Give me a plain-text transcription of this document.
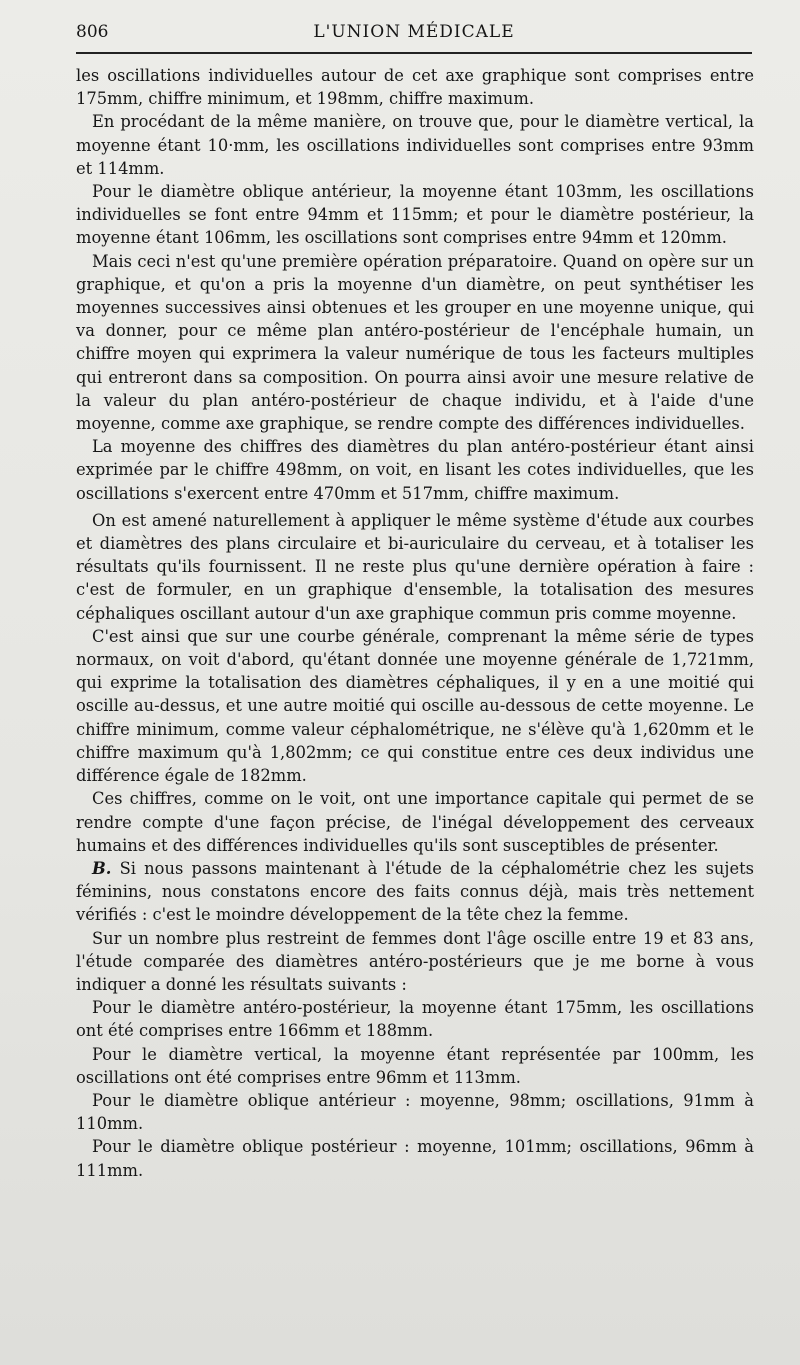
806	L'UNION MÉDICALE

les oscillations individuelles autour de cet axe graphique sont comprises entre 175mm, chiffre minimum, et 198mm, chiffre maximum.

En procédant de la même manière, on trouve que, pour le diamètre vertical, la moyenne étant 10·mm, les oscillations individuelles sont comprises entre 93mm et 114mm.

Pour le diamètre oblique antérieur, la moyenne étant 103mm, les oscillations individuelles se font entre 94mm et 115mm; et pour le diamètre postérieur, la moyenne étant 106mm, les oscillations sont comprises entre 94mm et 120mm.

Mais ceci n'est qu'une première opération préparatoire. Quand on opère sur un graphique, et qu'on a pris la moyenne d'un diamètre, on peut synthétiser les moyennes successives ainsi obtenues et les grouper en une moyenne unique, qui va donner, pour ce même plan antéro-postérieur de l'encéphale humain, un chiffre moyen qui exprimera la valeur numérique de tous les facteurs multiples qui entreront dans sa composition. On pourra ainsi avoir une mesure relative de la valeur du plan antéro-postérieur de chaque individu, et à l'aide d'une moyenne, comme axe graphique, se rendre compte des différences individuelles.

La moyenne des chiffres des diamètres du plan antéro-postérieur étant ainsi exprimée par le chiffre 498mm, on voit, en lisant les cotes individuelles, que les oscillations s'exercent entre 470mm et 517mm, chiffre maximum.

On est amené naturellement à appliquer le même système d'étude aux courbes et diamètres des plans circulaire et bi-auriculaire du cerveau, et à totaliser les résultats qu'ils fournissent. Il ne reste plus qu'une dernière opération à faire : c'est de formuler, en un graphique d'ensemble, la totalisation des mesures céphaliques oscillant autour d'un axe graphique commun pris comme moyenne.

C'est ainsi que sur une courbe générale, comprenant la même série de types normaux, on voit d'abord, qu'étant donnée une moyenne générale de 1,721mm, qui exprime la totalisation des diamètres céphaliques, il y en a une moitié qui oscille au-dessus, et une autre moitié qui oscille au-dessous de cette moyenne. Le chiffre minimum, comme valeur céphalométrique, ne s'élève qu'à 1,620mm et le chiffre maximum qu'à 1,802mm; ce qui constitue entre ces deux individus une différence égale de 182mm.

Ces chiffres, comme on le voit, ont une importance capitale qui permet de se rendre compte d'une façon précise, de l'inégal développement des cerveaux humains et des différences individuelles qu'ils sont susceptibles de présenter.

B. Si nous passons maintenant à l'étude de la céphalométrie chez les sujets féminins, nous constatons encore des faits connus déjà, mais très nettement vérifiés : c'est le moindre développement de la tête chez la femme.

Sur un nombre plus restreint de femmes dont l'âge oscille entre 19 et 83 ans, l'étude comparée des diamètres antéro-postérieurs que je me borne à vous indiquer a donné les résultats suivants :

Pour le diamètre antéro-postérieur, la moyenne étant 175mm, les oscillations ont été comprises entre 166mm et 188mm.

Pour le diamètre vertical, la moyenne étant représentée par 100mm, les oscillations ont été comprises entre 96mm et 113mm.

Pour le diamètre oblique antérieur : moyenne, 98mm; oscillations, 91mm à 110mm.

Pour le diamètre oblique postérieur : moyenne, 101mm; oscillations, 96mm à 111mm.
